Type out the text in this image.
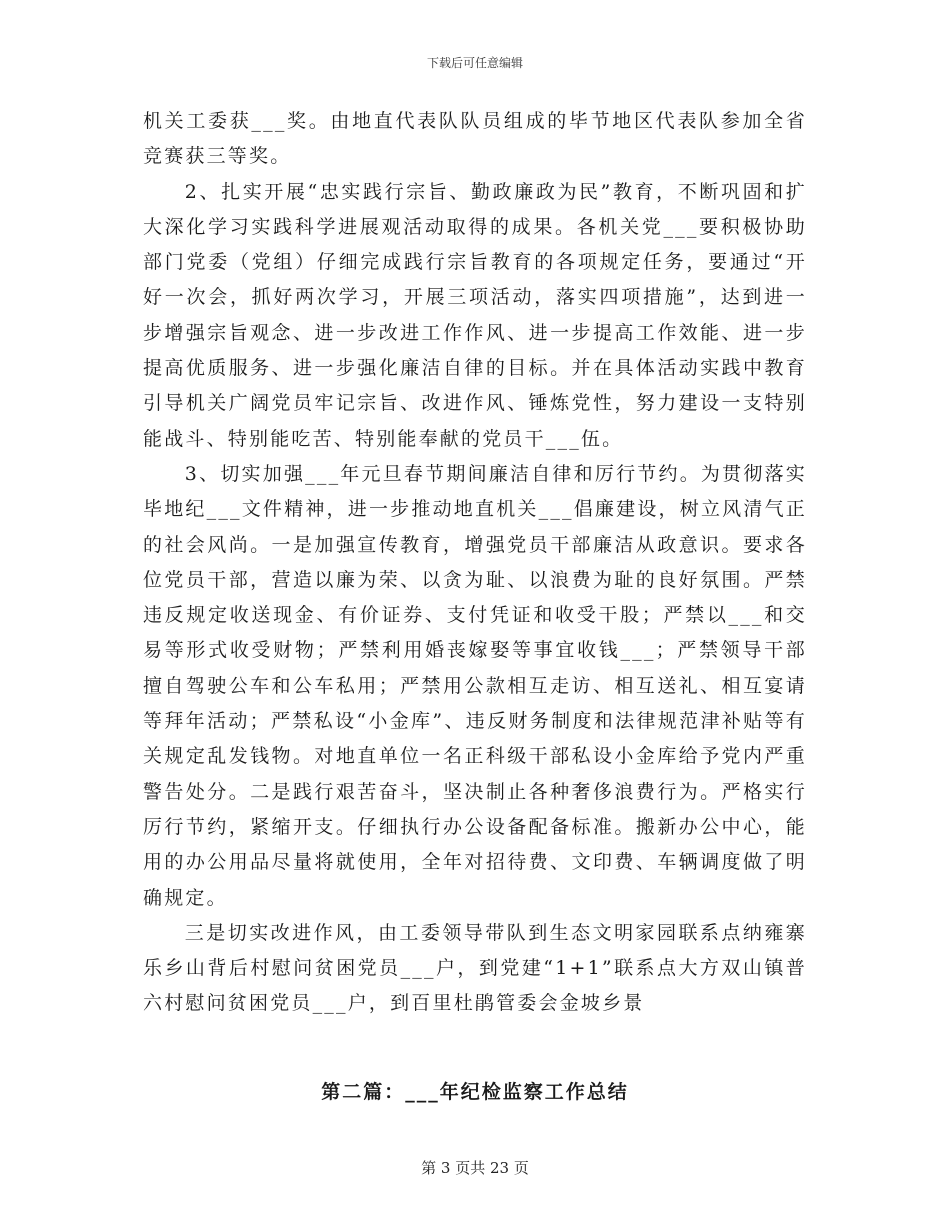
下载后可任意编辑

机关工委获___奖。由地直代表队队员组成的毕节地区代表队参加全省竞赛获三等奖。

2、扎实开展“忠实践行宗旨、勤政廉政为民”教育，不断巩固和扩大深化学习实践科学进展观活动取得的成果。各机关党___要积极协助部门党委（党组）仔细完成践行宗旨教育的各项规定任务，要通过“开好一次会，抓好两次学习，开展三项活动，落实四项措施”，达到进一步增强宗旨观念、进一步改进工作作风、进一步提高工作效能、进一步提高优质服务、进一步强化廉洁自律的目标。并在具体活动实践中教育引导机关广阔党员牢记宗旨、改进作风、锤炼党性，努力建设一支特别能战斗、特别能吃苦、特别能奉献的党员干___伍。

3、切实加强___年元旦春节期间廉洁自律和厉行节约。为贯彻落实毕地纪___文件精神，进一步推动地直机关___倡廉建设，树立风清气正的社会风尚。一是加强宣传教育，增强党员干部廉洁从政意识。要求各位党员干部，营造以廉为荣、以贪为耻、以浪费为耻的良好氛围。严禁违反规定收送现金、有价证券、支付凭证和收受干股；严禁以___和交易等形式收受财物；严禁利用婚丧嫁娶等事宜收钱___；严禁领导干部擅自驾驶公车和公车私用；严禁用公款相互走访、相互送礼、相互宴请等拜年活动；严禁私设“小金库”、违反财务制度和法律规范津补贴等有关规定乱发钱物。对地直单位一名正科级干部私设小金库给予党内严重警告处分。二是践行艰苦奋斗，坚决制止各种奢侈浪费行为。严格实行厉行节约，紧缩开支。仔细执行办公设备配备标准。搬新办公中心，能用的办公用品尽量将就使用，全年对招待费、文印费、车辆调度做了明确规定。

三是切实改进作风，由工委领导带队到生态文明家园联系点纳雍寨乐乡山背后村慰问贫困党员___户，到党建“1+1”联系点大方双山镇普六村慰问贫困党员___户，到百里杜鹃管委会金坡乡景

第二篇：___年纪检监察工作总结
第 3 页共 23 页
